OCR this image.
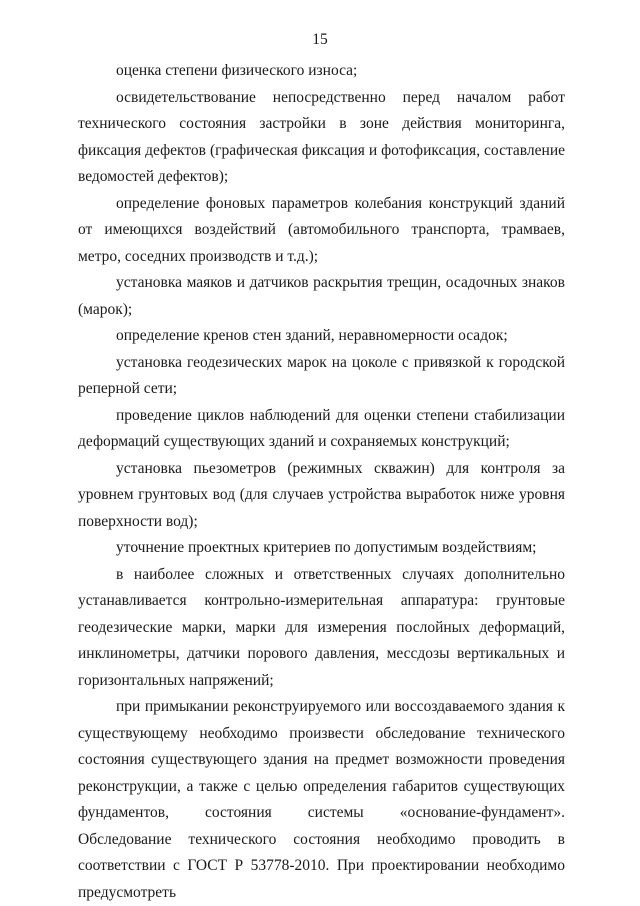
15

оценка степени физического износа;

освидетельствование непосредственно перед началом работ технического состояния застройки в зоне действия мониторинга, фиксация дефектов (графическая фиксация и фотофиксация, составление ведомостей дефектов);

определение фоновых параметров колебания конструкций зданий от имеющихся воздействий (автомобильного транспорта, трамваев, метро, соседних производств и т.д.);

установка маяков и датчиков раскрытия трещин, осадочных знаков (марок);

определение кренов стен зданий, неравномерности осадок;

установка геодезических марок на цоколе с привязкой к городской реперной сети;

проведение циклов наблюдений для оценки степени стабилизации деформаций существующих зданий и сохраняемых конструкций;

установка пьезометров (режимных скважин) для контроля за уровнем грунтовых вод (для случаев устройства выработок ниже уровня поверхности вод);

уточнение проектных критериев по допустимым воздействиям;

в наиболее сложных и ответственных случаях дополнительно устанавливается контрольно-измерительная аппаратура: грунтовые геодезические марки, марки для измерения послойных деформаций, инклинометры, датчики порового давления, мессдозы вертикальных и горизонтальных напряжений;

при примыкании реконструируемого или воссоздаваемого здания к существующему необходимо произвести обследование технического состояния существующего здания на предмет возможности проведения реконструкции, а также с целью определения габаритов существующих фундаментов, состояния системы «основание-фундамент». Обследование технического состояния необходимо проводить в соответствии с ГОСТ Р 53778-2010. При проектировании необходимо предусмотреть
